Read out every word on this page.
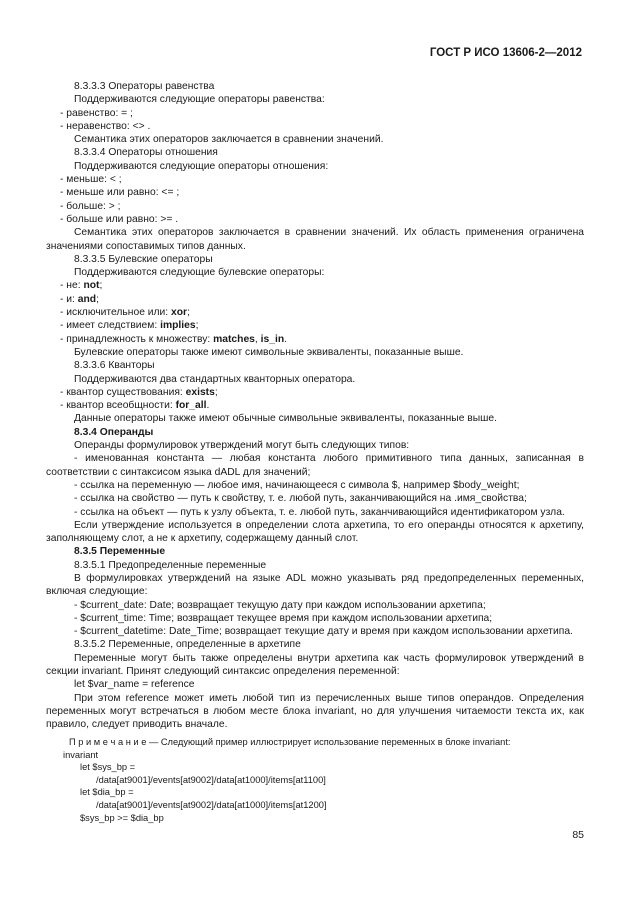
ГОСТ Р ИСО 13606-2—2012
8.3.3.3 Операторы равенства
Поддерживаются следующие операторы равенства:
- равенство: = ;
- неравенство: <> .
Семантика этих операторов заключается в сравнении значений.
8.3.3.4 Операторы отношения
Поддерживаются следующие операторы отношения:
- меньше: < ;
- меньше или равно: <= ;
- больше: > ;
- больше или равно: >= .
Семантика этих операторов заключается в сравнении значений. Их область применения ограничена значениями сопоставимых типов данных.
8.3.3.5 Булевские операторы
Поддерживаются следующие булевские операторы:
- не: not;
- и: and;
- исключительное или: xor;
- имеет следствием: implies;
- принадлежность к множеству: matches, is_in.
Булевские операторы также имеют символьные эквиваленты, показанные выше.
8.3.3.6 Кванторы
Поддерживаются два стандартных кванторных оператора.
- квантор существования: exists;
- квантор всеобщности: for_all.
Данные операторы также имеют обычные символьные эквиваленты, показанные выше.
8.3.4 Операнды
Операнды формулировок утверждений могут быть следующих типов:
- именованная константа — любая константа любого примитивного типа данных, записанная в соответствии с синтаксисом языка dADL для значений;
- ссылка на переменную — любое имя, начинающееся с символа $, например $body_weight;
- ссылка на свойство — путь к свойству, т. е. любой путь, заканчивающийся на .имя_свойства;
- ссылка на объект — путь к узлу объекта, т. е. любой путь, заканчивающийся идентификатором узла.
Если утверждение используется в определении слота архетипа, то его операнды относятся к архетипу, заполняющему слот, а не к архетипу, содержащему данный слот.
8.3.5 Переменные
8.3.5.1 Предопределенные переменные
В формулировках утверждений на языке ADL можно указывать ряд предопределенных переменных, включая следующие:
- $current_date: Date; возвращает текущую дату при каждом использовании архетипа;
- $current_time: Time; возвращает текущее время при каждом использовании архетипа;
- $current_datetime: Date_Time; возвращает текущие дату и время при каждом использовании архетипа.
8.3.5.2 Переменные, определенные в архетипе
Переменные могут быть также определены внутри архетипа как часть формулировок утверждений в секции invariant. Принят следующий синтаксис определения переменной:
let $var_name = reference
При этом reference может иметь любой тип из перечисленных выше типов операндов. Определения переменных могут встречаться в любом месте блока invariant, но для улучшения читаемости текста их, как правило, следует приводить вначале.
П р и м е ч а н и е — Следующий пример иллюстрирует использование переменных в блоке invariant:
invariant
let $sys_bp =
/data[at9001]/events[at9002]/data[at1000]/items[at1100]
let $dia_bp =
/data[at9001]/events[at9002]/data[at1000]/items[at1200]
$sys_bp >= $dia_bp
85
